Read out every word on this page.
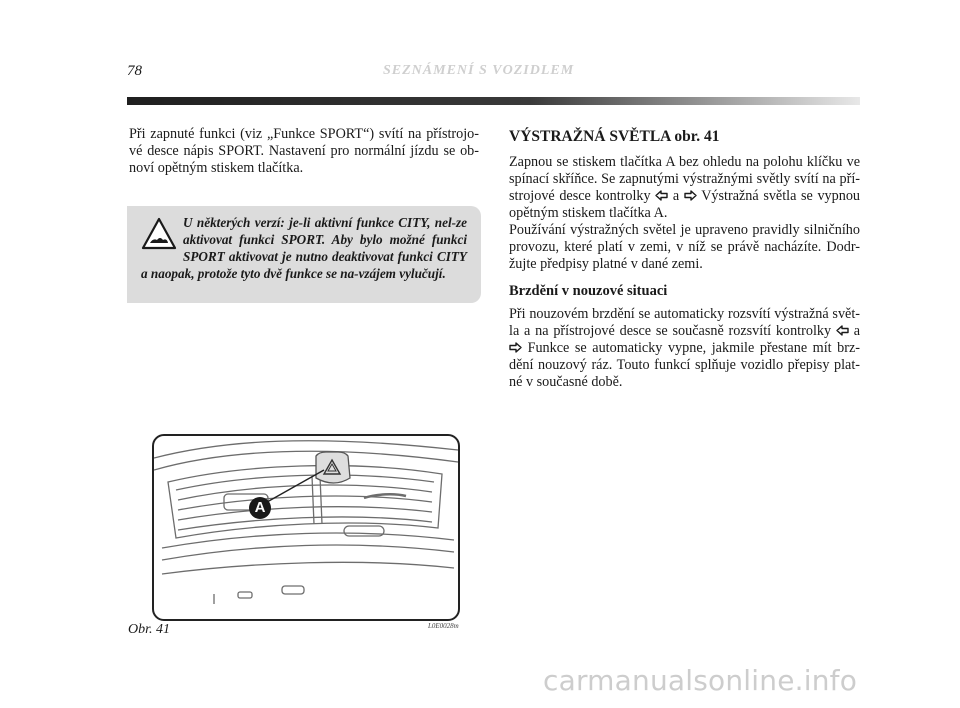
78	SEZNÁMENÍ S VOZIDLEM

Při zapnuté funkci (viz „Funkce SPORT“) svítí na přístrojo-vé desce nápis SPORT. Nastavení pro normální jízdu se ob-noví opětným stiskem tlačítka.

U některých verzí: je-li aktivní funkce CITY, nel-ze aktivovat funkci SPORT. Aby bylo možné funkci SPORT aktivovat je nutno deaktivovat funkci CITY a naopak, protože tyto dvě funkce se na-vzájem vylučují.

A
Obr. 41	L0E0028m
VÝSTRAŽNÁ SVĚTLA obr. 41

Zapnou se stiskem tlačítka A bez ohledu na polohu klíčku ve spínací skříňce. Se zapnutými výstražnými světly svítí na pří-strojové desce kontrolky a Výstražná světla se vypnou opětným stiskem tlačítka A.

Používání výstražných světel je upraveno pravidly silničního provozu, které platí v zemi, v níž se právě nacházíte. Dodr-žujte předpisy platné v dané zemi.

Brzdění v nouzové situaci

Při nouzovém brzdění se automaticky rozsvítí výstražná svět-la a na přístrojové desce se současně rozsvítí kontrolky a  Funkce se automaticky vypne, jakmile přestane mít brz-dění nouzový ráz. Touto funkcí splňuje vozidlo přepisy plat-né v současné době.

carmanualsonline.info
